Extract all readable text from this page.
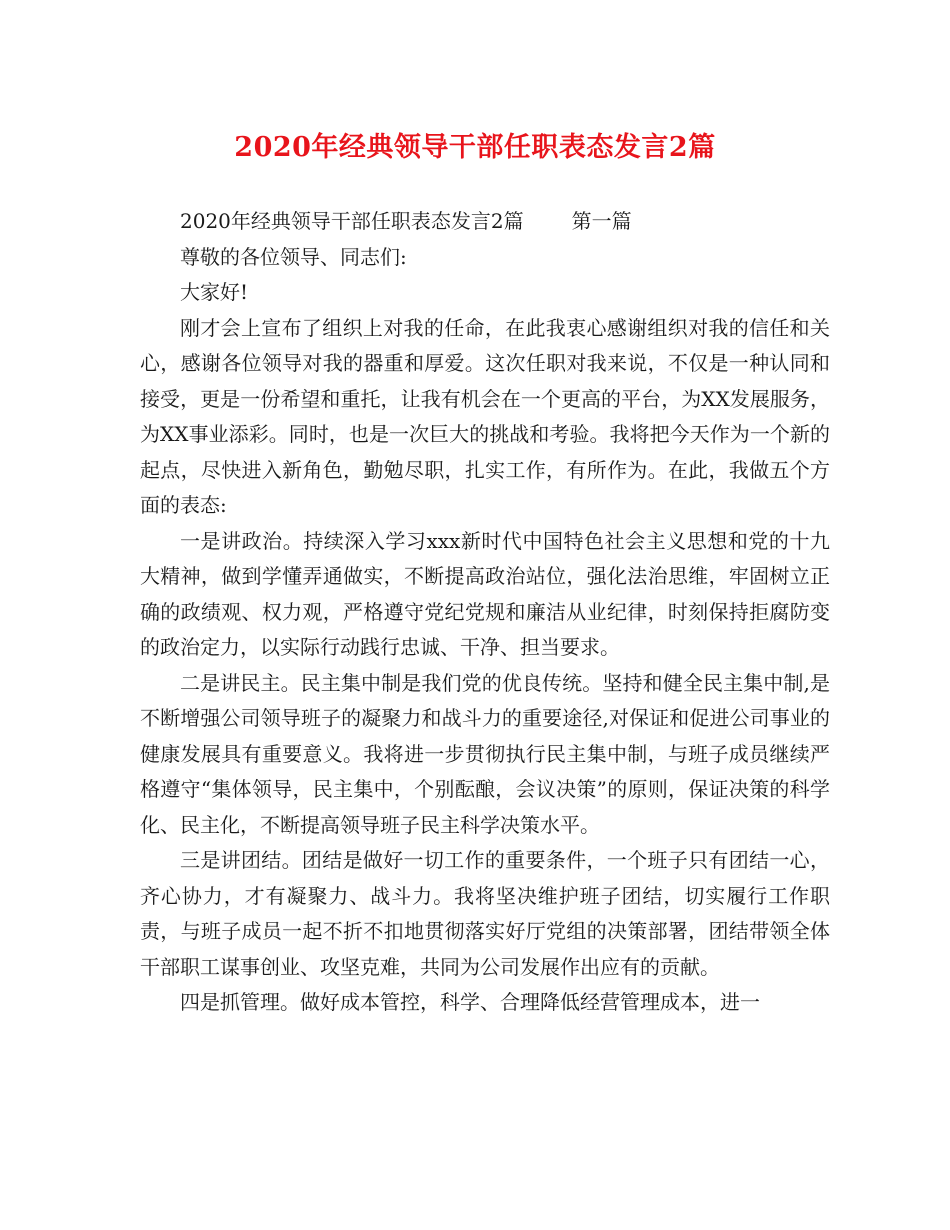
2020年经典领导干部任职表态发言2篇

2020年经典领导干部任职表态发言2篇 第一篇

尊敬的各位领导、同志们:

大家好!

刚才会上宣布了组织上对我的任命，在此我衷心感谢组织对我的信任和关心，感谢各位领导对我的器重和厚爱。这次任职对我来说，不仅是一种认同和接受，更是一份希望和重托，让我有机会在一个更高的平台，为XX发展服务，为XX事业添彩。同时，也是一次巨大的挑战和考验。我将把今天作为一个新的起点，尽快进入新角色，勤勉尽职，扎实工作，有所作为。在此，我做五个方面的表态:

一是讲政治。持续深入学习xxx新时代中国特色社会主义思想和党的十九大精神，做到学懂弄通做实，不断提高政治站位，强化法治思维，牢固树立正确的政绩观、权力观，严格遵守党纪党规和廉洁从业纪律，时刻保持拒腐防变的政治定力，以实际行动践行忠诚、干净、担当要求。

二是讲民主。民主集中制是我们党的优良传统。坚持和健全民主集中制,是不断增强公司领导班子的凝聚力和战斗力的重要途径,对保证和促进公司事业的健康发展具有重要意义。我将进一步贯彻执行民主集中制，与班子成员继续严格遵守“集体领导，民主集中，个别酝酿，会议决策”的原则，保证决策的科学化、民主化，不断提高领导班子民主科学决策水平。

三是讲团结。团结是做好一切工作的重要条件，一个班子只有团结一心，齐心协力，才有凝聚力、战斗力。我将坚决维护班子团结，切实履行工作职责，与班子成员一起不折不扣地贯彻落实好厅党组的决策部署，团结带领全体干部职工谋事创业、攻坚克难，共同为公司发展作出应有的贡献。

四是抓管理。做好成本管控，科学、合理降低经营管理成本，进一
